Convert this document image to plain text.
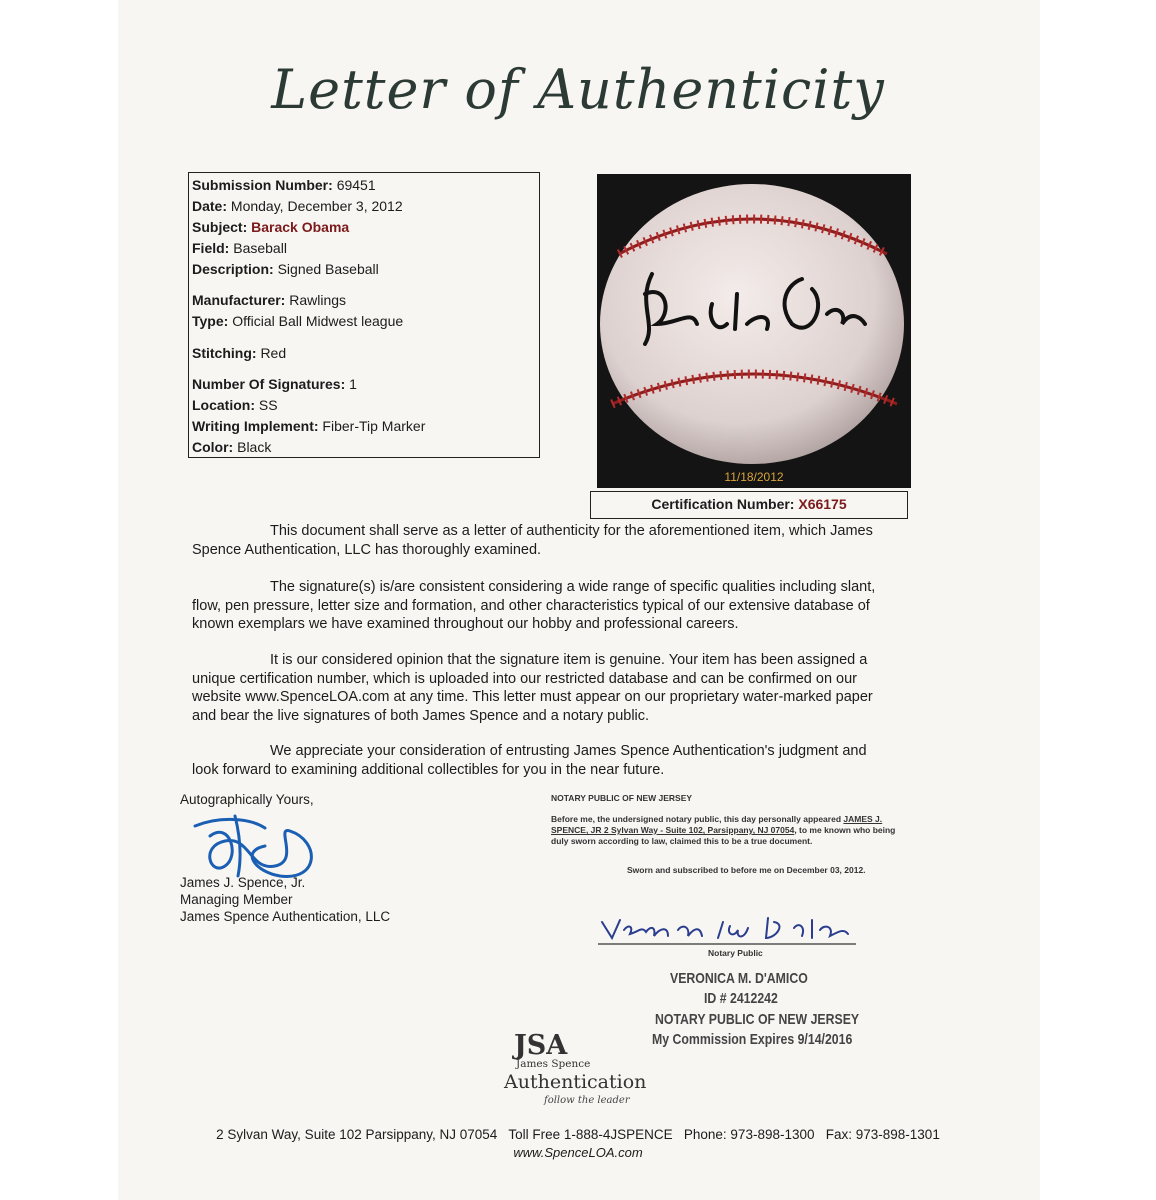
Letter of Authenticity
Submission Number: 69451
Date: Monday, December 3, 2012
Subject: Barack Obama
Field: Baseball
Description: Signed Baseball
Manufacturer: Rawlings
Type: Official Ball Midwest league
Stitching: Red
Number Of Signatures: 1
Location: SS
Writing Implement: Fiber-Tip Marker
Color: Black
11/18/2012
Certification Number: X66175
This document shall serve as a letter of authenticity for the aforementioned item, which James Spence Authentication, LLC has thoroughly examined.
The signature(s) is/are consistent considering a wide range of specific qualities including slant, flow, pen pressure, letter size and formation, and other characteristics typical of our extensive database of known exemplars we have examined throughout our hobby and professional careers.
It is our considered opinion that the signature item is genuine. Your item has been assigned a unique certification number, which is uploaded into our restricted database and can be confirmed on our website www.SpenceLOA.com at any time. This letter must appear on our proprietary water-marked paper and bear the live signatures of both James Spence and a notary public.
We appreciate your consideration of entrusting James Spence Authentication's judgment and look forward to examining additional collectibles for you in the near future.
Autographically Yours,
James J. Spence, Jr.
Managing Member
James Spence Authentication, LLC
NOTARY PUBLIC OF NEW JERSEY
Before me, the undersigned notary public, this day personally appeared JAMES J. SPENCE, JR 2 Sylvan Way - Suite 102, Parsippany, NJ 07054, to me known who being duly sworn according to law, claimed this to be a true document.
Sworn and subscribed to before me on December 03, 2012.
Notary Public
VERONICA M. D'AMICO
ID # 2412242
NOTARY PUBLIC OF NEW JERSEY
My Commission Expires 9/14/2016
JSA
James Spence
Authentication
follow the leader
2 Sylvan Way, Suite 102 Parsippany, NJ 07054   Toll Free 1-888-4JSPENCE   Phone: 973-898-1300   Fax: 973-898-1301
www.SpenceLOA.com
